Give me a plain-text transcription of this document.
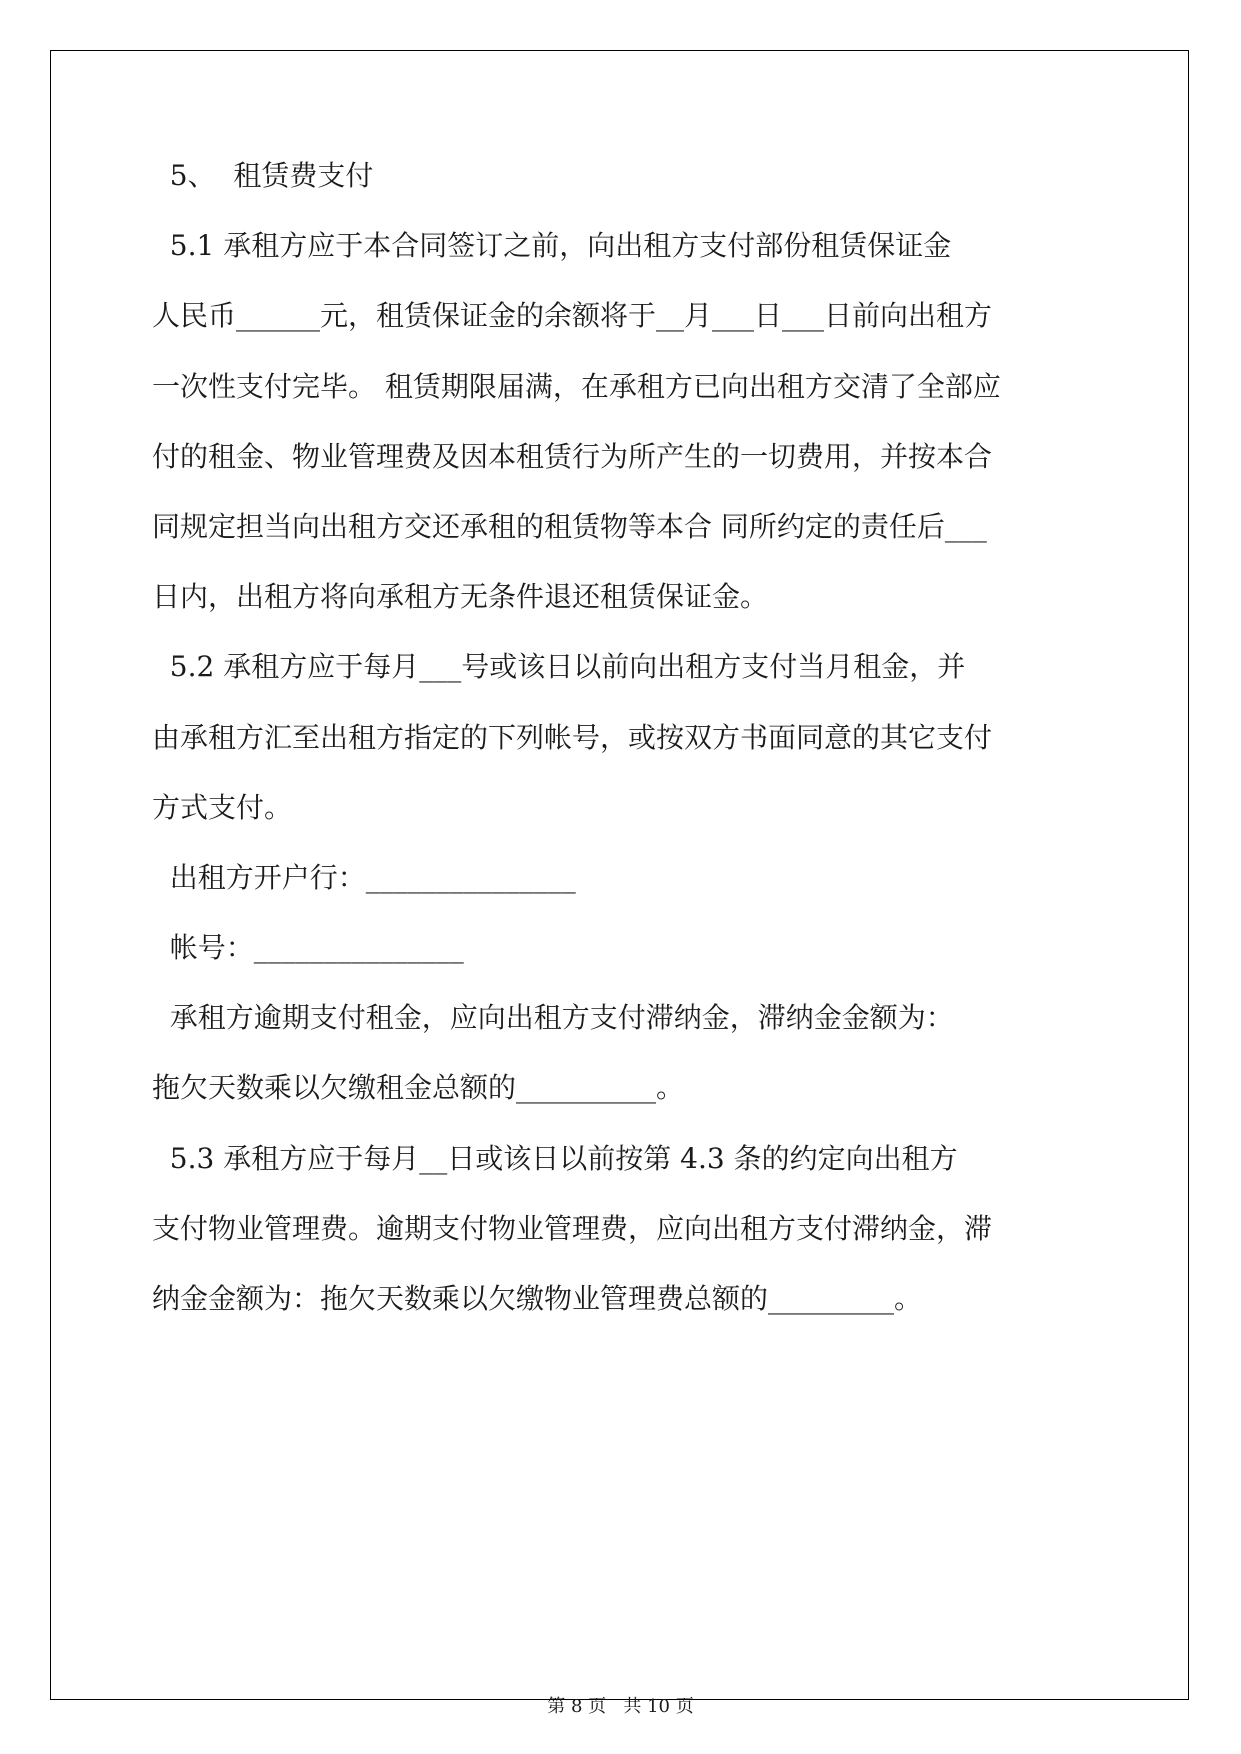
5、  租赁费支付
5.1 承租方应于本合同签订之前，向出租方支付部份租赁保证金
人民币______元，租赁保证金的余额将于__月___日___日前向出租方
一次性支付完毕。 租赁期限届满，在承租方已向出租方交清了全部应
付的租金、物业管理费及因本租赁行为所产生的一切费用，并按本合
同规定担当向出租方交还承租的租赁物等本合 同所约定的责任后___
日内，出租方将向承租方无条件退还租赁保证金。
5.2 承租方应于每月___号或该日以前向出租方支付当月租金，并
由承租方汇至出租方指定的下列帐号，或按双方书面同意的其它支付
方式支付。
出租方开户行：_______________
帐号：_______________
承租方逾期支付租金，应向出租方支付滞纳金，滞纳金金额为：
拖欠天数乘以欠缴租金总额的__________。
5.3 承租方应于每月__日或该日以前按第 4.3 条的约定向出租方
支付物业管理费。逾期支付物业管理费，应向出租方支付滞纳金，滞
纳金金额为：拖欠天数乘以欠缴物业管理费总额的_________。
第 8 页   共 10 页
